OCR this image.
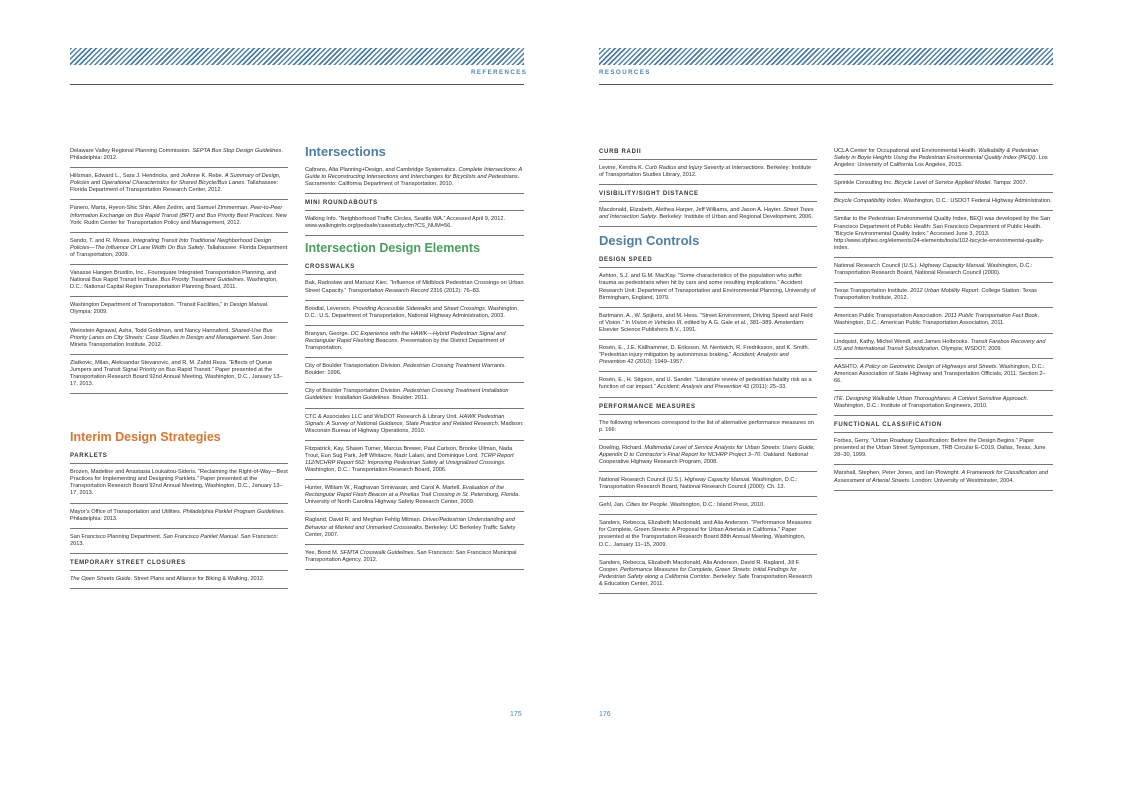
REFERENCES	RESOURCES
175	176
Delaware Valley Regional Planning Commission. SEPTA Bus Stop Design Guidelines. Philadelphia: 2012.
Hillsman, Edward L., Sara J. Hendricks, and JoAnne K. Rebe. A Summary of Design, Policies and Operational Characteristics for Shared Bicycle/Bus Lanes. Tallahassee: Florida Department of Transportation Research Center, 2012.
Panero, Marta, Hyeon-Shic Shin, Allen Zedrin, and Samuel Zimmerman. Peer-to-Peer Information Exchange on Bus Rapid Transit (BRT) and Bus Priority Best Practices. New York: Rudin Center for Transportation Policy and Management, 2012.
Sando, T. and R. Moses. Integrating Transit Into Traditional Neighborhood Design Policies—The Influence Of Lane Width On Bus Safety. Tallahassee: Florida Department of Transportation, 2009.
Vanasse Hangen Brustlin, Inc., Foursquare Integrated Transportation Planning, and National Bus Rapid Transit Institute. Bus Priority Treatment Guidelines. Washington, D.C.: National Capital Region Transportation Planning Board, 2011.
Washington Department of Transportation. “Transit Facilities,” in Design Manual. Olympia: 2009.
Weinstein Agrawal, Asha, Todd Goldman, and Nancy Hannaford. Shared-Use Bus Priority Lanes on City Streets: Case Studies in Design and Management. San Jose: Mineta Transportation Institute, 2012.
Zlatkovic, Milan, Aleksandar Stevanovic, and R. M. Zahid Reza. “Effects of Queue Jumpers and Transit Signal Priority on Bus Rapid Transit.” Paper presented at the Transportation Research Board 92nd Annual Meeting, Washington, D.C., January 13–17, 2013.
Interim Design Strategies
PARKLETS
Brozen, Madeline and Anastasia Loukaitou-Sideris. “Reclaiming the Right-of-Way—Best Practices for Implementing and Designing Parklets.” Paper presented at the Transportation Research Board 92nd Annual Meeting, Washington, D.C., January 13–17, 2013.
Mayor’s Office of Transportation and Utilities. Philadelphia Parklet Program Guidelines. Philadelphia: 2013.
San Francisco Planning Department. San Francisco Parklet Manual. San Francisco: 2013.
TEMPORARY STREET CLOSURES
The Open Streets Guide. Street Plans and Alliance for Biking & Walking, 2012.
Intersections
Caltrans, Alta Planning+Design, and Cambridge Systematics. Complete Intersections: A Guide to Reconstructing Intersections and Interchanges for Bicyclists and Pedestrians. Sacramento: California Department of Transportation, 2010.
MINI ROUNDABOUTS
Walking Info. “Neighborhood Traffic Circles, Seattle WA.” Accessed April 9, 2012. www.walkinginfo.org/pedsafe/casestudy.cfm?CS_NUM=56.
Intersection Design Elements
CROSSWALKS
Bak, Radoslaw and Mariusz Kiec. “Influence of Midblock Pedestrian Crossings on Urban Street Capacity.” Transportation Research Record 2316 (2012): 76–83.
Boodlal, Leverson. Providing Accessible Sidewalks and Street Crossings. Washington, D.C.: U.S. Department of Transportation, National Highway Administration, 2003.
Branyan, George. DC Experience with the HAWK—Hybrid Pedestrian Signal and Rectangular Rapid Flashing Beacons. Presentation by the District Department of Transportation.
City of Boulder Transportation Division. Pedestrian Crossing Treatment Warrants. Boulder: 1996.
City of Boulder Transportation Division. Pedestrian Crossing Treatment Installation Guidelines: Installation Guidelines. Boulder: 2011.
CTC & Associates LLC and WisDOT Research & Library Unit. HAWK Pedestrian Signals: A Survey of National Guidance, State Practice and Related Research. Madison: Wisconsin Bureau of Highway Operations, 2010.
Fitzpatrick, Kay, Shawn Turner, Marcus Brewer, Paul Carlson, Brooke Ullman, Nada Trout, Eun Sug Park, Jeff Whitacre, Nazir Lalani, and Dominique Lord. TCRP Report 112/NCHRP Report 562: Improving Pedestrian Safety at Unsignalized Crossings. Washington, D.C.: Transportation Research Board, 2006.
Hunter, William W., Raghavan Srinivasan, and Carol A. Martell. Evaluation of the Rectangular Rapid Flash Beacon at a Pinellas Trail Crossing in St. Petersburg, Florida. University of North Carolina Highway Safety Research Center, 2009.
Ragland, David R. and Meghan Fehlig Mitman. Driver/Pedestrian Understanding and Behavior at Marked and Unmarked Crosswalks. Berkeley: UC Berkeley Traffic Safety Center, 2007.
Yee, Bond M. SFMTA Crosswalk Guidelines. San Francisco: San Francisco Municipal Transportation Agency, 2012.
CURB RADII
Levine, Kendra K. Curb Radius and Injury Severity at Intersections. Berkeley: Institute of Transportation Studies Library, 2012.
VISIBILITY/SIGHT DISTANCE
Macdonald, Elizabeth, Alethea Harper, Jeff Williams, and Jason A. Hayter. Street Trees and Intersection Safety. Berkeley: Institute of Urban and Regional Development, 2006.
Design Controls
DESIGN SPEED
Ashton, S.J. and G.M. MacKay. “Some characteristics of the population who suffer trauma as pedestrians when hit by cars and some resulting implications.” Accident Research Unit: Department of Transportation and Environmental Planning, University of Birmingham, England, 1979.
Bartmann, A., W. Spijkers, and M. Hess. “Street Environment, Driving Speed and Field of Vision.” In Vision in Vehicles III, edited by A.G. Gale et al., 381–389. Amsterdam: Elsevier Science Publishers B.V., 1991.
Rosén, E., J.E. Källhammer, D. Eriksson, M. Nentwich, R. Fredriksson, and K. Smith. “Pedestrian injury mitigation by autonomous braking.” Accident; Analysis and Prevention 42 (2010): 1949–1957.
Rosén, E., H. Stigson, and U. Sander. “Literature review of pedestrian fatality risk as a function of car impact.” Accident; Analysis and Prevention 43 (2011): 25–33.
PERFORMANCE MEASURES
The following references correspond to the list of alternative performance measures on p. 166:
Dowling, Richard. Multimodal Level of Service Analysis for Urban Streets: Users Guide, Appendix D to Contractor’s Final Report for NCHRP Project 3–70. Oakland: National Cooperative Highway Research Program, 2008.
National Research Council (U.S.). Highway Capacity Manual. Washington, D.C.: Transportation Research Board, National Research Council (2000): Ch. 13.
Gehl, Jan. Cities for People. Washington, D.C.: Island Press, 2010.
Sanders, Rebecca, Elizabeth Macdonald, and Alia Anderson. “Performance Measures for Complete, Green Streets: A Proposal for Urban Arterials in California.” Paper presented at the Transportation Research Board 88th Annual Meeting, Washington, D.C., January 11–15, 2009.
Sanders, Rebecca, Elizabeth Macdonald, Alia Anderson, David R. Ragland, Jill F. Cooper. Performance Measures for Complete, Green Streets: Initial Findings for Pedestrian Safety along a California Corridor. Berkeley: Safe Transportation Research & Education Center, 2011.
UCLA Center for Occupational and Environmental Health. Walkability & Pedestrian Safety in Boyle Heights Using the Pedestrian Environmental Quality Index (PEQI). Los Angeles: University of California Los Angeles, 2013.
Sprinkle Consulting Inc. Bicycle Level of Service Applied Model. Tampa: 2007.
Bicycle Compatibility Index. Washington, D.C.: USDOT Federal Highway Administration.
Similar to the Pedestrian Environmental Quality Index, BEQI was developed by the San Francisco Department of Public Health: San Francisco Department of Public Health. “Bicycle Environmental Quality Index.” Accessed June 3, 2013. http://www.sfphes.org/elements/24-elements/tools/102-bicycle-environmental-quality-index.
National Research Council (U.S.). Highway Capacity Manual. Washington, D.C.: Transportation Research Board, National Research Council (2000).
Texas Transportation Institute. 2012 Urban Mobility Report. College Station: Texas Transportation Institute, 2012.
American Public Transportation Association. 2011 Public Transportation Fact Book. Washington, D.C.: American Public Transportation Association, 2011.
Lindquist, Kathy, Michel Wendt, and James Holbrooks. Transit Farebox Recovery and US and International Transit Subsidization. Olympia: WSDOT, 2009.
AASHTO. A Policy on Geometric Design of Highways and Streets. Washington, D.C.: American Association of State Highway and Transportation Officials, 2011. Section 2–66.
ITE. Designing Walkable Urban Thoroughfares: A Context Sensitive Approach. Washington, D.C.: Institute of Transportation Engineers, 2010.
FUNCTIONAL CLASSIFICATION
Forbes, Gerry. “Urban Roadway Classification: Before the Design Begins.” Paper presented at the Urban Street Symposium, TRB Circular E-C019, Dallas, Texas, June 28–30, 1999.
Marshall, Stephen, Peter Jones, and Ian Plowright. A Framework for Classification and Assessment of Arterial Streets. London: University of Westminster, 2004.
